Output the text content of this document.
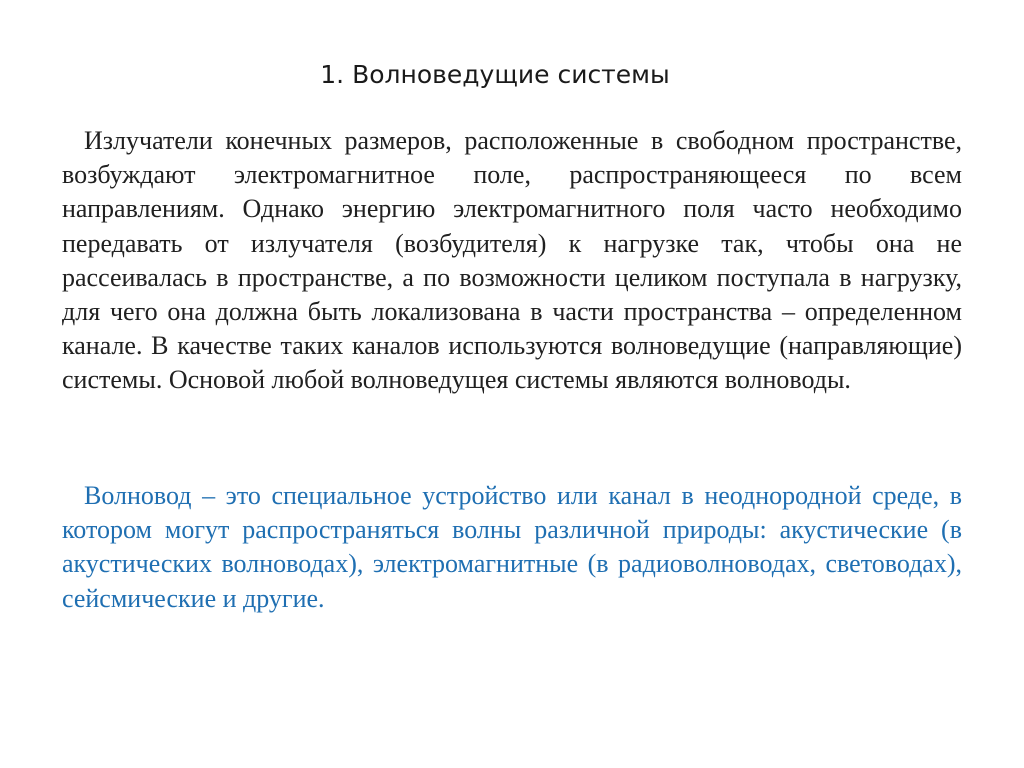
1. Волноведущие системы

Излучатели конечных размеров, расположенные в свободном пространстве, возбуждают электромагнитное поле, распространяющееся по всем направлениям. Однако энергию электромагнитного поля часто необходимо передавать от излучателя (возбудителя) к нагрузке так, чтобы она не рассеивалась в пространстве, а по возможности целиком поступала в нагрузку, для чего она должна быть локализована в части пространства – определенном канале. В качестве таких каналов используются волноведущие (направляющие) системы. Основой любой волноведущея системы являются волноводы.

Волновод – это специальное устройство или канал в неоднородной среде, в котором могут распространяться волны различной природы: акустические (в акустических волноводах), электромагнитные (в радиоволноводах, световодах), сейсмические и другие.
